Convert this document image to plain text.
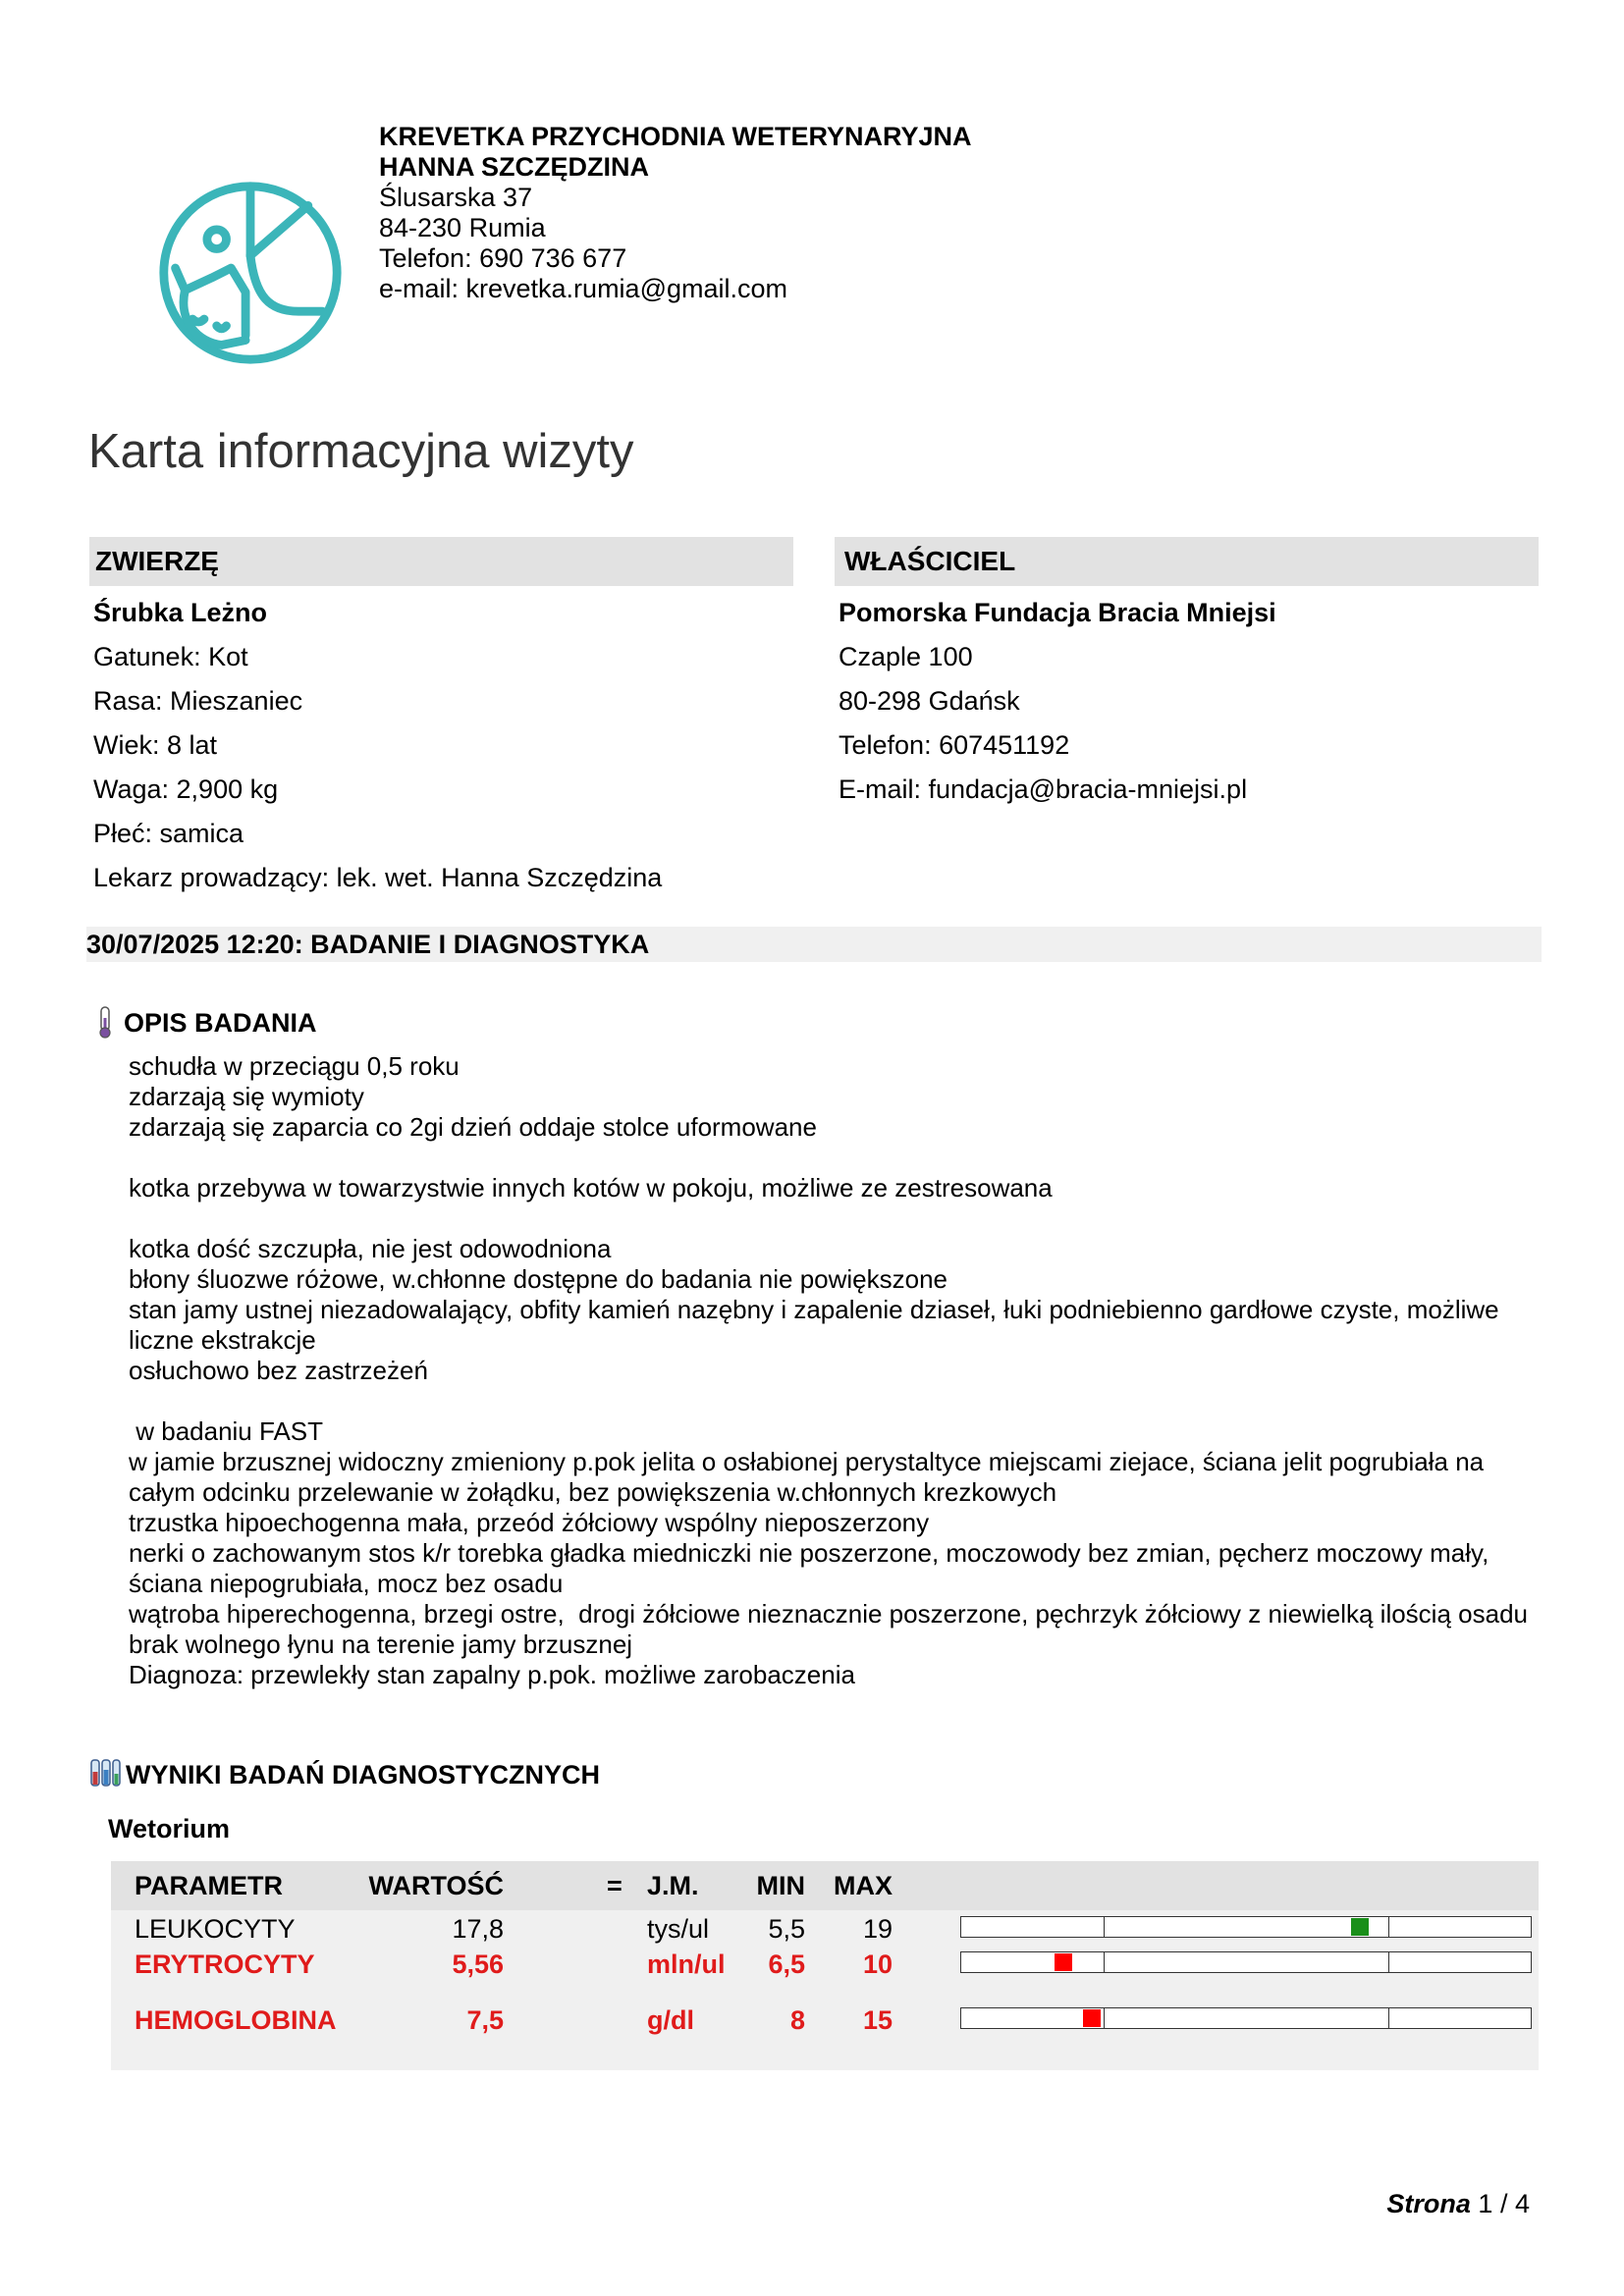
KREVETKA PRZYCHODNIA WETERYNARYJNA
HANNA SZCZĘDZINA
Ślusarska 37
84-230 Rumia
Telefon: 690 736 677
e-mail: krevetka.rumia@gmail.com
Karta informacyjna wizyty
ZWIERZĘ
Śrubka Leżno
Gatunek: Kot
Rasa: Mieszaniec
Wiek: 8 lat
Waga: 2,900 kg
Płeć: samica
Lekarz prowadzący: lek. wet. Hanna Szczędzina
WŁAŚCICIEL
Pomorska Fundacja Bracia Mniejsi
Czaple 100
80-298 Gdańsk
Telefon: 607451192
E-mail: fundacja@bracia-mniejsi.pl
30/07/2025 12:20: BADANIE I DIAGNOSTYKA
OPIS BADANIA
schudła w przeciągu 0,5 roku
zdarzają się wymioty
zdarzają się zaparcia co 2gi dzień oddaje stolce uformowane
kotka przebywa w towarzystwie innych kotów w pokoju, możliwe ze zestresowana
kotka dość szczupła, nie jest odowodniona
błony śluozwe różowe, w.chłonne dostępne do badania nie powiększone
stan jamy ustnej niezadowalający, obfity kamień nazębny i zapalenie dziaseł, łuki podniebienno gardłowe czyste, możliwe liczne ekstrakcje
osłuchowo bez zastrzeżeń
w badaniu FAST
w jamie brzusznej widoczny zmieniony p.pok jelita o osłabionej perystaltyce miejscami ziejace, ściana jelit pogrubiała na całym odcinku przelewanie w żołądku, bez powiększenia w.chłonnych krezkowych
trzustka hipoechogenna mała, przeód żółciowy wspólny nieposzerzony
nerki o zachowanym stos k/r torebka gładka miedniczki nie poszerzone, moczowody bez zmian, pęcherz moczowy mały, ściana niepogrubiała, mocz bez osadu
wątroba hiperechogenna, brzegi ostre,  drogi żółciowe nieznacznie poszerzone, pęchrzyk żółciowy z niewielką ilością osadu
brak wolnego łynu na terenie jamy brzusznej
Diagnoza: przewlekły stan zapalny p.pok. możliwe zarobaczenia
WYNIKI BADAŃ DIAGNOSTYCZNYCH
Wetorium
PARAMETR	WARTOŚĆ	= J.M.	MIN MAX
LEUKOCYTY	17,8	tys/ul	5,5 19
ERYTROCYTY	5,56	mln/ul 6,5 10
HEMOGLOBINA	7,5	g/dl	8 15
Strona 1 / 4
